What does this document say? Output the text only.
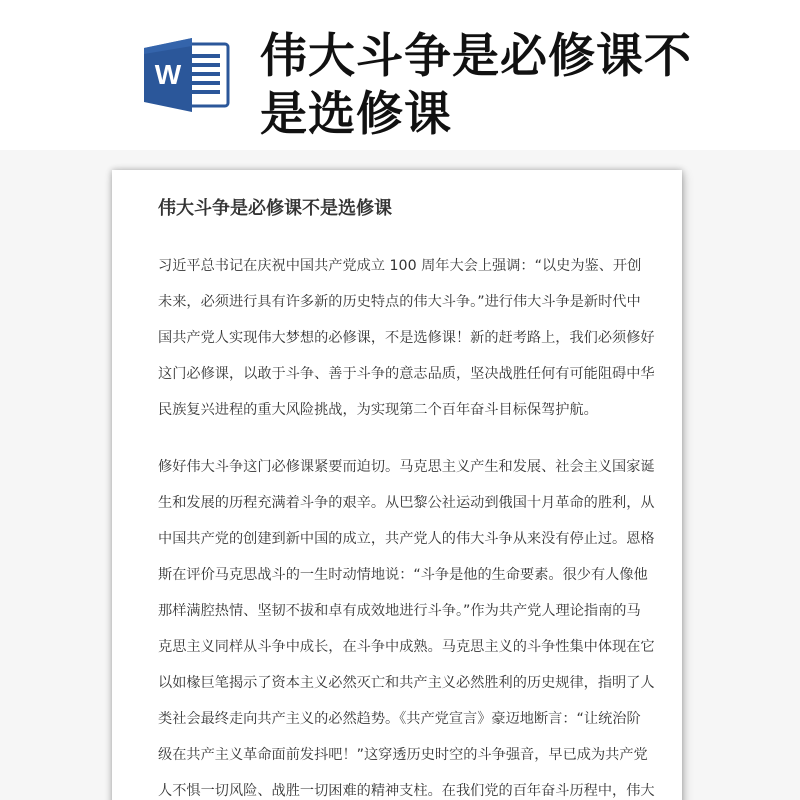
W 伟大斗争是必修课不是选修课
伟大斗争是必修课不是选修课
习近平总书记在庆祝中国共产党成立 100 周年大会上强调：“以史为鉴、开创
未来，必须进行具有许多新的历史特点的伟大斗争。”进行伟大斗争是新时代中
国共产党人实现伟大梦想的必修课，不是选修课！新的赶考路上，我们必须修好
这门必修课，以敢于斗争、善于斗争的意志品质，坚决战胜任何有可能阻碍中华
民族复兴进程的重大风险挑战，为实现第二个百年奋斗目标保驾护航。
修好伟大斗争这门必修课紧要而迫切。马克思主义产生和发展、社会主义国家诞
生和发展的历程充满着斗争的艰辛。从巴黎公社运动到俄国十月革命的胜利，从
中国共产党的创建到新中国的成立，共产党人的伟大斗争从来没有停止过。恩格
斯在评价马克思战斗的一生时动情地说：“斗争是他的生命要素。很少有人像他
那样满腔热情、坚韧不拔和卓有成效地进行斗争。”作为共产党人理论指南的马
克思主义同样从斗争中成长，在斗争中成熟。马克思主义的斗争性集中体现在它
以如椽巨笔揭示了资本主义必然灭亡和共产主义必然胜利的历史规律，指明了人
类社会最终走向共产主义的必然趋势。《共产党宣言》豪迈地断言：“让统治阶
级在共产主义革命面前发抖吧！”这穿透历史时空的斗争强音，早已成为共产党
人不惧一切风险、战胜一切困难的精神支柱。在我们党的百年奋斗历程中，伟大
